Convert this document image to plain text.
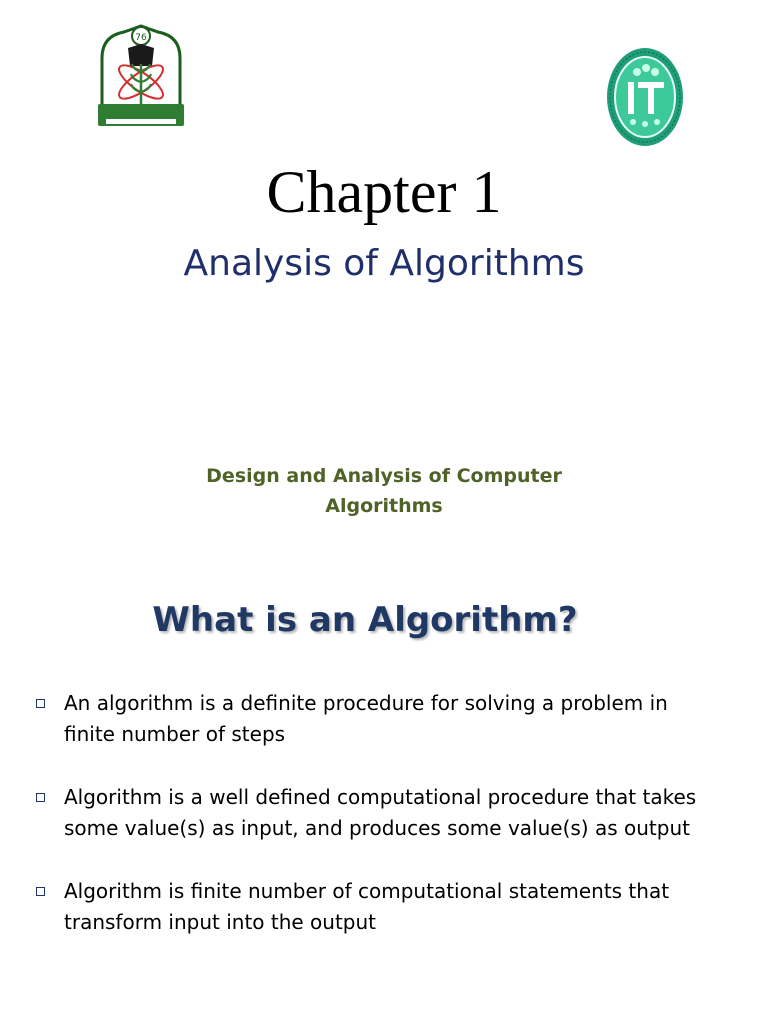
76
Chapter 1
Analysis of Algorithms
Design and Analysis of Computer Algorithms
What is an Algorithm?
An algorithm is a definite procedure for solving a problem in finite number of steps
Algorithm is a well defined computational procedure that takes some value(s) as input, and produces some value(s) as output
Algorithm is finite number of computational statements that transform input into the output
